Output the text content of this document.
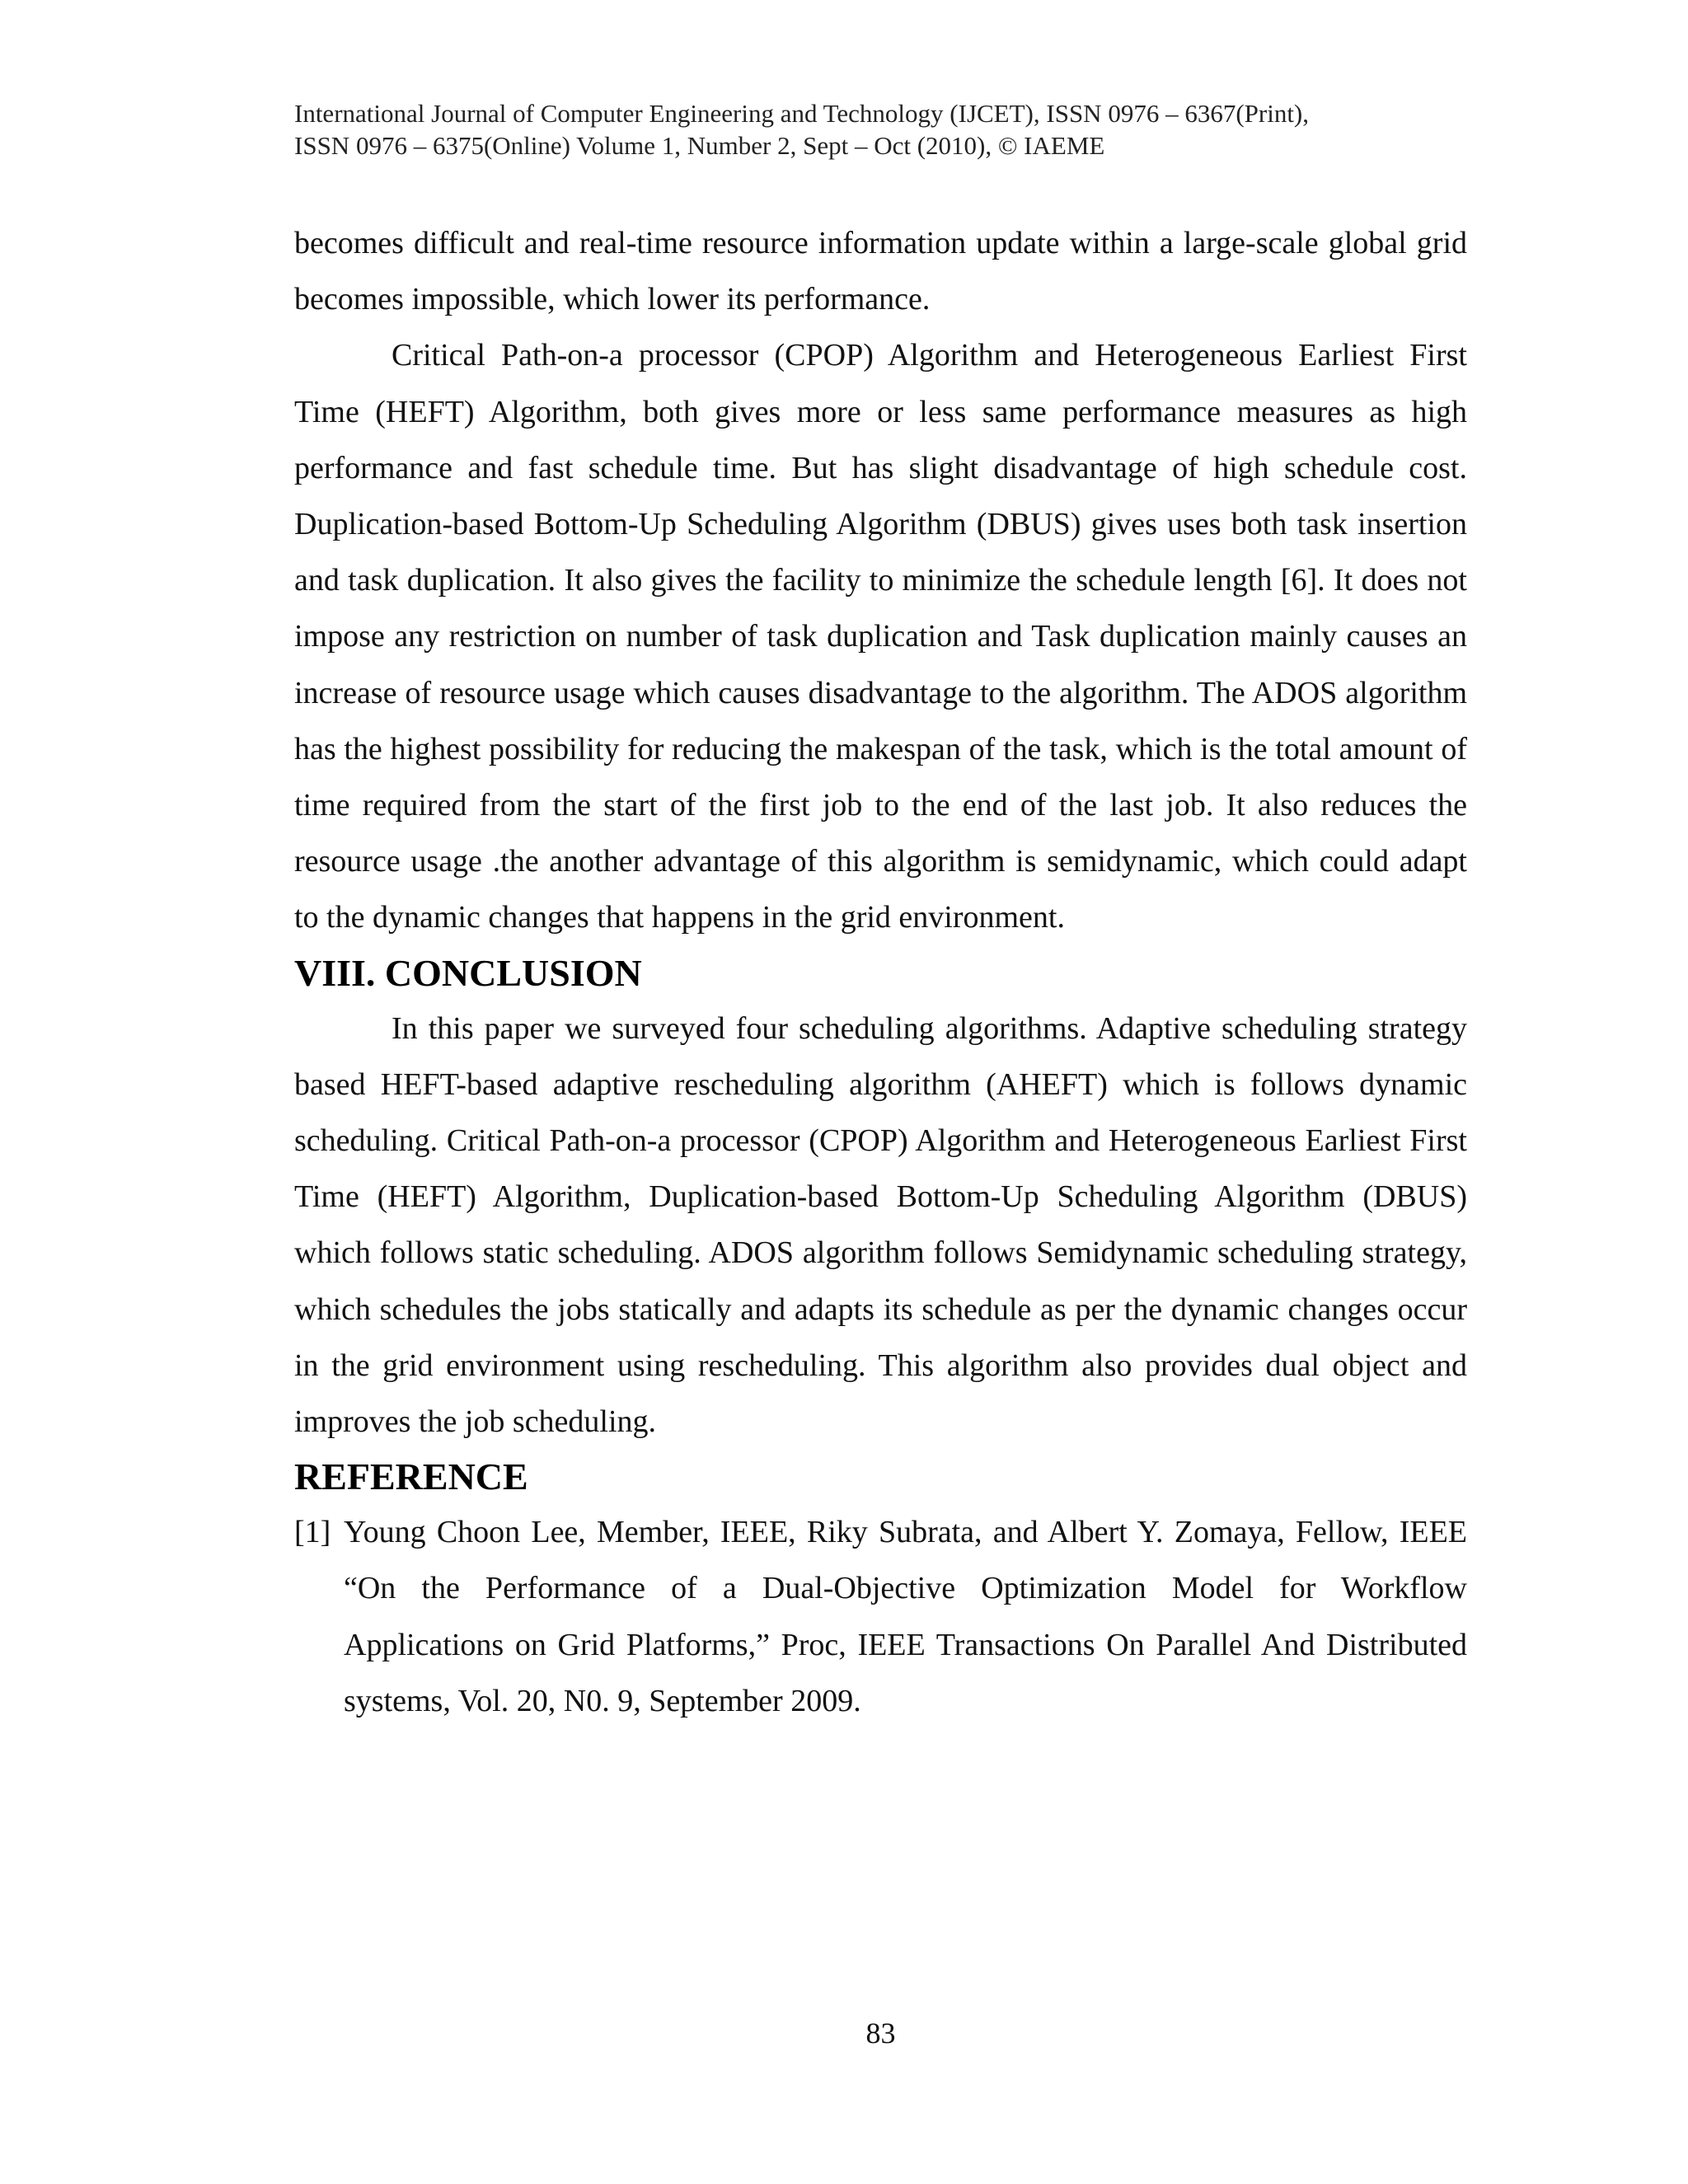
International Journal of Computer Engineering and Technology (IJCET), ISSN 0976 – 6367(Print),
ISSN 0976 – 6375(Online) Volume 1, Number 2, Sept – Oct (2010), © IAEME

becomes difficult and real-time resource information update within a large-scale global grid becomes impossible, which lower its performance.

Critical Path-on-a processor (CPOP) Algorithm and Heterogeneous Earliest First Time (HEFT) Algorithm, both gives more or less same performance measures as high performance and fast schedule time. But has slight disadvantage of high schedule cost. Duplication-based Bottom-Up Scheduling Algorithm (DBUS) gives uses both task insertion and task duplication. It also gives the facility to minimize the schedule length [6]. It does not impose any restriction on number of task duplication and Task duplication mainly causes an increase of resource usage which causes disadvantage to the algorithm. The ADOS algorithm has the highest possibility for reducing the makespan of the task, which is the total amount of time required from the start of the first job to the end of the last job. It also reduces the resource usage .the another advantage of this algorithm is semidynamic, which could adapt to the dynamic changes that happens in the grid environment.

VIII. CONCLUSION

In this paper we surveyed four scheduling algorithms. Adaptive scheduling strategy based HEFT-based adaptive rescheduling algorithm (AHEFT) which is follows dynamic scheduling. Critical Path-on-a processor (CPOP) Algorithm and Heterogeneous Earliest First Time (HEFT) Algorithm, Duplication-based Bottom-Up Scheduling Algorithm (DBUS) which follows static scheduling. ADOS algorithm follows Semidynamic scheduling strategy, which schedules the jobs statically and adapts its schedule as per the dynamic changes occur in the grid environment using rescheduling. This algorithm also provides dual object and improves the job scheduling.

REFERENCE

[1] Young Choon Lee, Member, IEEE, Riky Subrata, and Albert Y. Zomaya, Fellow, IEEE “On the Performance of a Dual-Objective Optimization Model for Workflow Applications on Grid Platforms,” Proc, IEEE Transactions On Parallel And Distributed systems, Vol. 20, N0. 9, September 2009.

83
